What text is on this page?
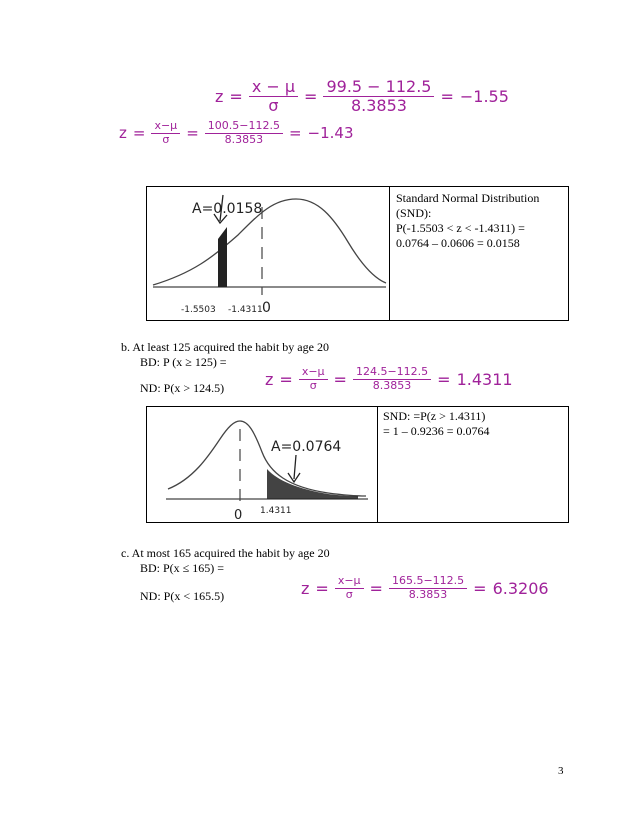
$z = \frac{x - \mu}{\sigma} = \frac{99.5 - 112.5}{8.3853} = -1.55$
$z = \frac{x-\mu}{\sigma} = \frac{100.5-112.5}{8.3853} = -1.43$
Standard Normal Distribution
(SND):
P(-1.5503 < z < -1.4311) =
0.0764 – 0.0606 = 0.0158
A=0.0158
-1.5503 -1.4311 0
b. At least 125 acquired the habit by age 20
BD: P (x ≥ 125) =
ND: P(x > 124.5)	$z = \frac{x-\mu}{\sigma} = \frac{124.5-112.5}{8.3853} = 1.4311$
SND: =P(z > 1.4311)
= 1 – 0.9236 = 0.0764
A=0.0764
0 1.4311
c. At most 165 acquired the habit by age 20
BD: P(x ≤ 165) =
ND: P(x < 165.5)	$z = \frac{x-\mu}{\sigma} = \frac{165.5-112.5}{8.3853} = 6.3206$
3
